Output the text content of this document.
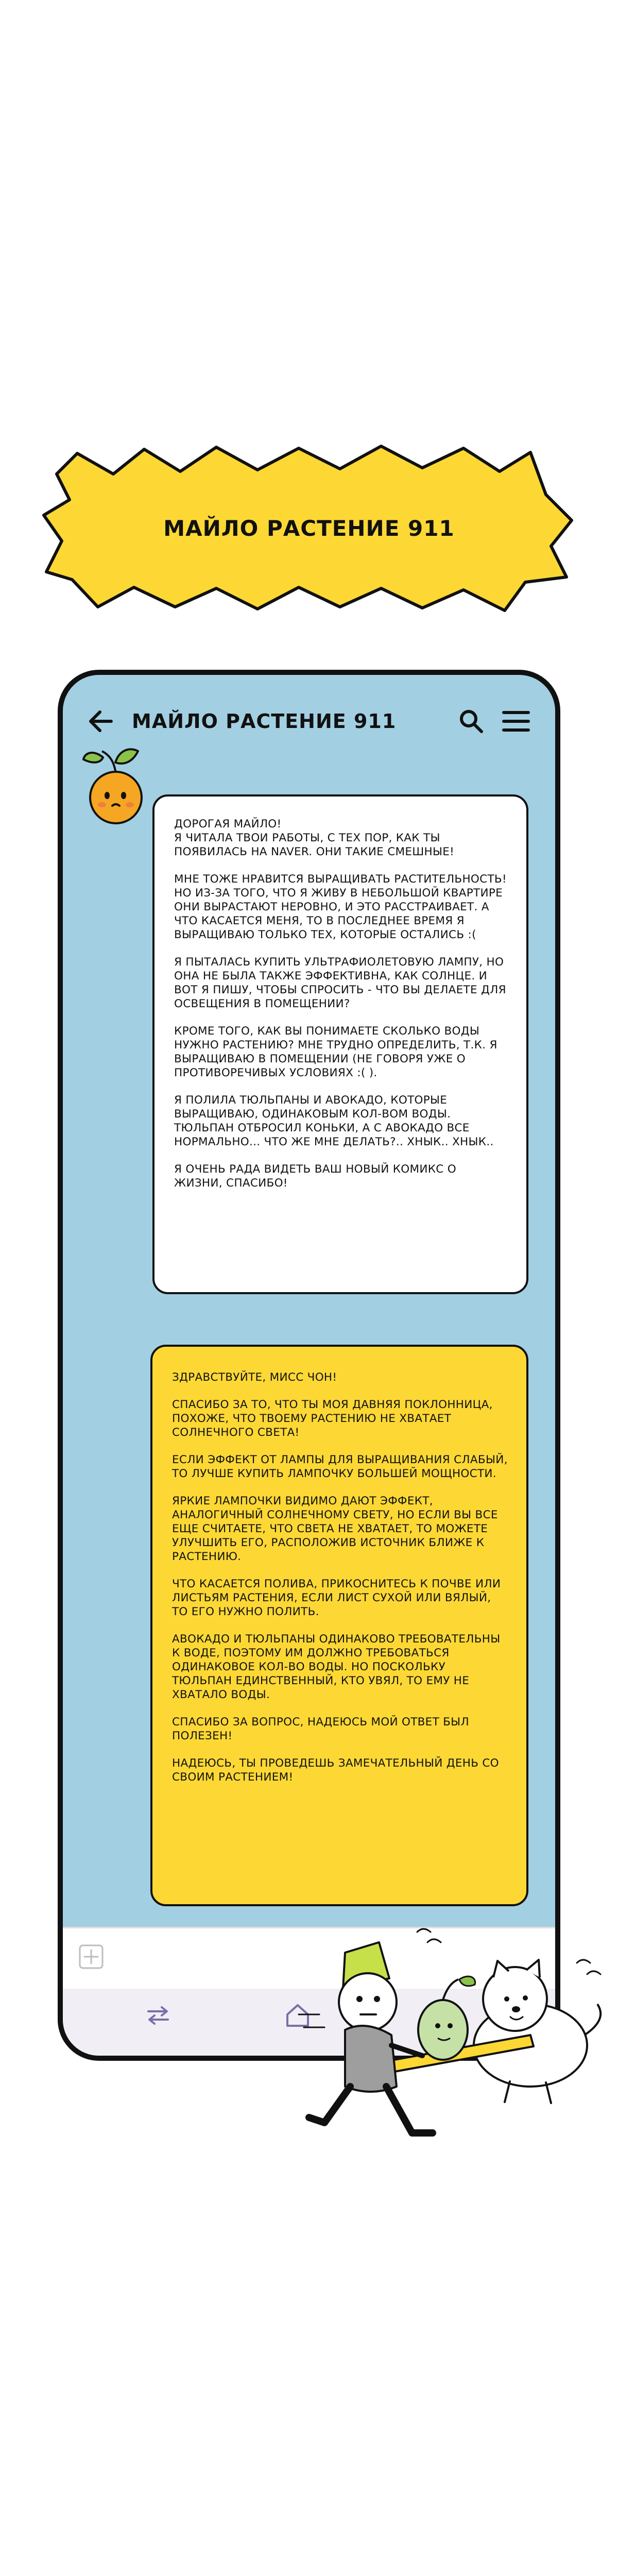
МАЙЛО РАСТЕНИЕ 911
МАЙЛО РАСТЕНИЕ 911

ДОРОГАЯ МАЙЛО!
Я ЧИТАЛА ТВОИ РАБОТЫ, С ТЕХ ПОР, КАК ТЫ ПОЯВИЛАСЬ НА NAVER. ОНИ ТАКИЕ СМЕШНЫЕ!

МНЕ ТОЖЕ НРАВИТСЯ ВЫРАЩИВАТЬ РАСТИТЕЛЬНОСТЬ! НО ИЗ-ЗА ТОГО, ЧТО Я ЖИВУ В НЕБОЛЬШОЙ КВАРТИРЕ ОНИ ВЫРАСТАЮТ НЕРОВНО, И ЭТО РАССТРАИВАЕТ. А ЧТО КАСАЕТСЯ МЕНЯ, ТО В ПОСЛЕДНЕЕ ВРЕМЯ Я ВЫРАЩИВАЮ ТОЛЬКО ТЕХ, КОТОРЫЕ ОСТАЛИСЬ :(

Я ПЫТАЛАСЬ КУПИТЬ УЛЬТРАФИОЛЕТОВУЮ ЛАМПУ, НО ОНА НЕ БЫЛА ТАКЖЕ ЭФФЕКТИВНА, КАК СОЛНЦЕ. И ВОТ Я ПИШУ, ЧТОБЫ СПРОСИТЬ - ЧТО ВЫ ДЕЛАЕТЕ ДЛЯ ОСВЕЩЕНИЯ В ПОМЕЩЕНИИ?

КРОМЕ ТОГО, КАК ВЫ ПОНИМАЕТЕ СКОЛЬКО ВОДЫ НУЖНО РАСТЕНИЮ? МНЕ ТРУДНО ОПРЕДЕЛИТЬ, Т.К. Я ВЫРАЩИВАЮ В ПОМЕЩЕНИИ (НЕ ГОВОРЯ УЖЕ О ПРОТИВОРЕЧИВЫХ УСЛОВИЯХ :( ).

Я ПОЛИЛА ТЮЛЬПАНЫ И АВОКАДО, КОТОРЫЕ ВЫРАЩИВАЮ, ОДИНАКОВЫМ КОЛ-ВОМ ВОДЫ. ТЮЛЬПАН ОТБРОСИЛ КОНЬКИ, А С АВОКАДО ВСЕ НОРМАЛЬНО... ЧТО ЖЕ МНЕ ДЕЛАТЬ?.. ХНЫК.. ХНЫК..

Я ОЧЕНЬ РАДА ВИДЕТЬ ВАШ НОВЫЙ КОМИКС О ЖИЗНИ, СПАСИБО!

ЗДРАВСТВУЙТЕ, МИСС ЧОН!

СПАСИБО ЗА ТО, ЧТО ТЫ МОЯ ДАВНЯЯ ПОКЛОННИЦА, ПОХОЖЕ, ЧТО ТВОЕМУ РАСТЕНИЮ НЕ ХВАТАЕТ СОЛНЕЧНОГО СВЕТА!

ЕСЛИ ЭФФЕКТ ОТ ЛАМПЫ ДЛЯ ВЫРАЩИВАНИЯ СЛАБЫЙ, ТО ЛУЧШЕ КУПИТЬ ЛАМПОЧКУ БОЛЬШЕЙ МОЩНОСТИ.

ЯРКИЕ ЛАМПОЧКИ ВИДИМО ДАЮТ ЭФФЕКТ, АНАЛОГИЧНЫЙ СОЛНЕЧНОМУ СВЕТУ, НО ЕСЛИ ВЫ ВСЕ ЕЩЕ СЧИТАЕТЕ, ЧТО СВЕТА НЕ ХВАТАЕТ, ТО МОЖЕТЕ УЛУЧШИТЬ ЕГО, РАСПОЛОЖИВ ИСТОЧНИК БЛИЖЕ К РАСТЕНИЮ.

ЧТО КАСАЕТСЯ ПОЛИВА, ПРИКОСНИТЕСЬ К ПОЧВЕ ИЛИ ЛИСТЬЯМ РАСТЕНИЯ, ЕСЛИ ЛИСТ СУХОЙ ИЛИ ВЯЛЫЙ, ТО ЕГО НУЖНО ПОЛИТЬ.

АВОКАДО И ТЮЛЬПАНЫ ОДИНАКОВО ТРЕБОВАТЕЛЬНЫ К ВОДЕ, ПОЭТОМУ ИМ ДОЛЖНО ТРЕБОВАТЬСЯ ОДИНАКОВОЕ КОЛ-ВО ВОДЫ. НО ПОСКОЛЬКУ ТЮЛЬПАН ЕДИНСТВЕННЫЙ, КТО УВЯЛ, ТО ЕМУ НЕ ХВАТАЛО ВОДЫ.

СПАСИБО ЗА ВОПРОС, НАДЕЮСЬ МОЙ ОТВЕТ БЫЛ ПОЛЕЗЕН!

НАДЕЮСЬ, ТЫ ПРОВЕДЕШЬ ЗАМЕЧАТЕЛЬНЫЙ ДЕНЬ СО СВОИМ РАСТЕНИЕМ!
